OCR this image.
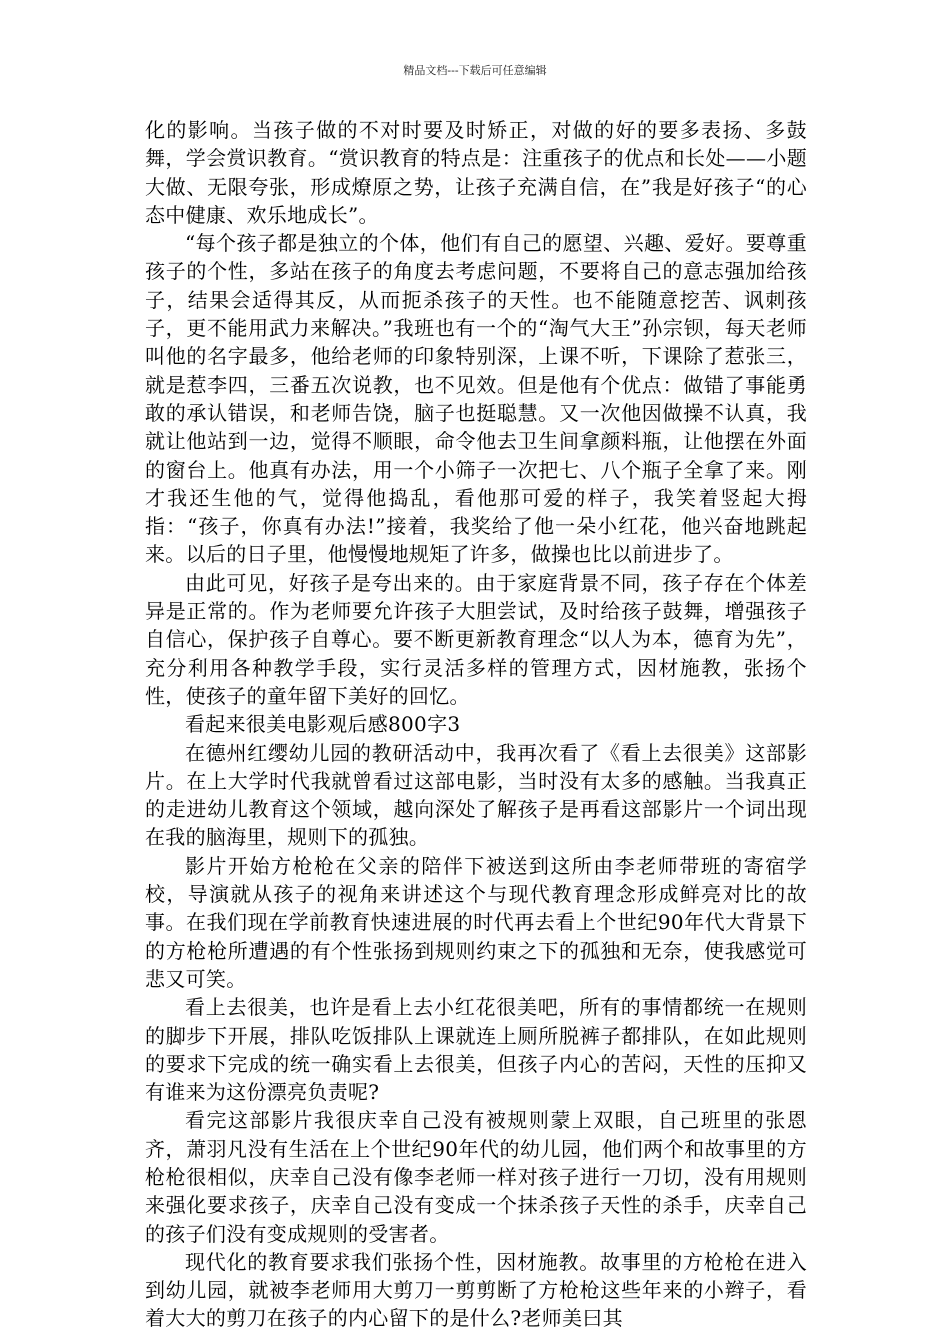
精品文档---下载后可任意编辑

化的影响。当孩子做的不对时要及时矫正，对做的好的要多表扬、多鼓舞，学会赏识教育。“赏识教育的特点是：注重孩子的优点和长处——小题大做、无限夸张，形成燎原之势，让孩子充满自信，在”我是好孩子“的心态中健康、欢乐地成长”。

“每个孩子都是独立的个体，他们有自己的愿望、兴趣、爱好。要尊重孩子的个性，多站在孩子的角度去考虑问题，不要将自己的意志强加给孩子，结果会适得其反，从而扼杀孩子的天性。也不能随意挖苦、讽刺孩子，更不能用武力来解决。”我班也有一个的“淘气大王”孙宗钡，每天老师叫他的名字最多，他给老师的印象特别深，上课不听，下课除了惹张三，就是惹李四，三番五次说教，也不见效。但是他有个优点：做错了事能勇敢的承认错误，和老师告饶，脑子也挺聪慧。又一次他因做操不认真，我就让他站到一边，觉得不顺眼，命令他去卫生间拿颜料瓶，让他摆在外面的窗台上。他真有办法，用一个小筛子一次把七、八个瓶子全拿了来。刚才我还生他的气，觉得他捣乱，看他那可爱的样子，我笑着竖起大拇指：“孩子，你真有办法!”接着，我奖给了他一朵小红花，他兴奋地跳起来。以后的日子里，他慢慢地规矩了许多，做操也比以前进步了。

由此可见，好孩子是夸出来的。由于家庭背景不同，孩子存在个体差异是正常的。作为老师要允许孩子大胆尝试，及时给孩子鼓舞，增强孩子自信心，保护孩子自尊心。要不断更新教育理念“以人为本，德育为先”，充分利用各种教学手段，实行灵活多样的管理方式，因材施教，张扬个性，使孩子的童年留下美好的回忆。

看起来很美电影观后感800字3

在德州红缨幼儿园的教研活动中，我再次看了《看上去很美》这部影片。在上大学时代我就曾看过这部电影，当时没有太多的感触。当我真正的走进幼儿教育这个领域，越向深处了解孩子是再看这部影片一个词出现在我的脑海里，规则下的孤独。

影片开始方枪枪在父亲的陪伴下被送到这所由李老师带班的寄宿学校，导演就从孩子的视角来讲述这个与现代教育理念形成鲜亮对比的故事。在我们现在学前教育快速进展的时代再去看上个世纪90年代大背景下的方枪枪所遭遇的有个性张扬到规则约束之下的孤独和无奈，使我感觉可悲又可笑。

看上去很美，也许是看上去小红花很美吧，所有的事情都统一在规则的脚步下开展，排队吃饭排队上课就连上厕所脱裤子都排队，在如此规则的要求下完成的统一确实看上去很美，但孩子内心的苦闷，天性的压抑又有谁来为这份漂亮负责呢?

看完这部影片我很庆幸自己没有被规则蒙上双眼，自己班里的张恩齐，萧羽凡没有生活在上个世纪90年代的幼儿园，他们两个和故事里的方枪枪很相似，庆幸自己没有像李老师一样对孩子进行一刀切，没有用规则来强化要求孩子，庆幸自己没有变成一个抹杀孩子天性的杀手，庆幸自己的孩子们没有变成规则的受害者。

现代化的教育要求我们张扬个性，因材施教。故事里的方枪枪在进入到幼儿园，就被李老师用大剪刀一剪剪断了方枪枪这些年来的小辫子，看着大大的剪刀在孩子的内心留下的是什么?老师美曰其
